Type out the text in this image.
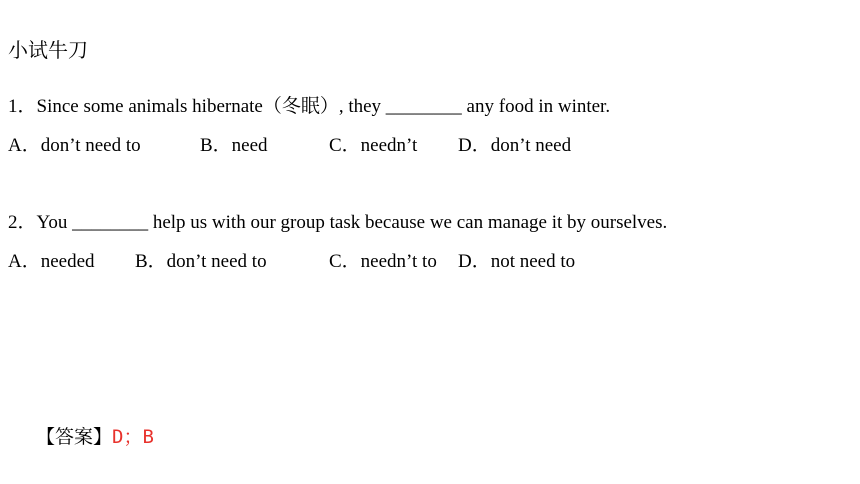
小试牛刀
1．Since some animals hibernate（冬眠）, they ________ any food in winter.
A．don’t need to	B．need	C．needn’t D．don’t need
2．You ________ help us with our group task because we can manage it by ourselves.
A．needed B．don’t need to	C．needn’t to D．not need to
【答案】D；B
